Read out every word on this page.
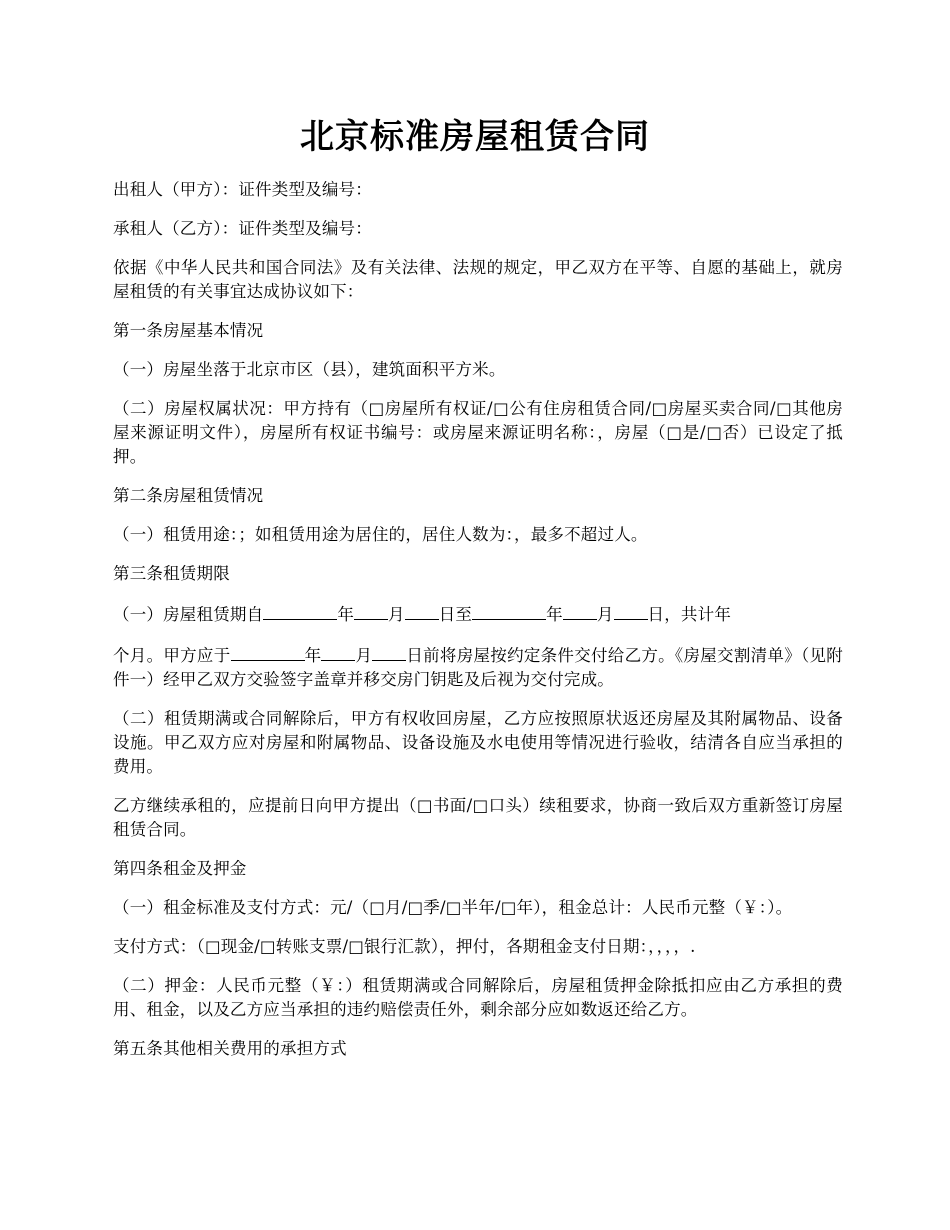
北京标准房屋租赁合同

出租人（甲方）：证件类型及编号：

承租人（乙方）：证件类型及编号：

依据《中华人民共和国合同法》及有关法律、法规的规定，甲乙双方在平等、自愿的基础上，就房屋租赁的有关事宜达成协议如下：

第一条房屋基本情况

（一）房屋坐落于北京市区（县），建筑面积平方米。

（二）房屋权属状况：甲方持有（□房屋所有权证/□公有住房租赁合同/□房屋买卖合同/□其他房屋来源证明文件），房屋所有权证书编号：或房屋来源证明名称：，房屋（□是/□否）已设定了抵押。

第二条房屋租赁情况

（一）租赁用途：；如租赁用途为居住的，居住人数为：，最多不超过人。

第三条租赁期限

（一）房屋租赁期自	年 月 日至	年 月 日，共计年

个月。甲方应于	年 月 日前将房屋按约定条件交付给乙方。《房屋交割清单》（见附件一）经甲乙双方交验签字盖章并移交房门钥匙及后视为交付完成。

（二）租赁期满或合同解除后，甲方有权收回房屋，乙方应按照原状返还房屋及其附属物品、设备设施。甲乙双方应对房屋和附属物品、设备设施及水电使用等情况进行验收，结清各自应当承担的费用。

乙方继续承租的，应提前日向甲方提出（□书面/□口头）续租要求，协商一致后双方重新签订房屋租赁合同。

第四条租金及押金

（一）租金标准及支付方式：元/（□月/□季/□半年/□年），租金总计：人民币元整（￥：）。

支付方式：（□现金/□转账支票/□银行汇款），押付，各期租金支付日期：，，，，.

（二）押金：人民币元整（￥：）租赁期满或合同解除后，房屋租赁押金除抵扣应由乙方承担的费用、租金，以及乙方应当承担的违约赔偿责任外，剩余部分应如数返还给乙方。

第五条其他相关费用的承担方式
